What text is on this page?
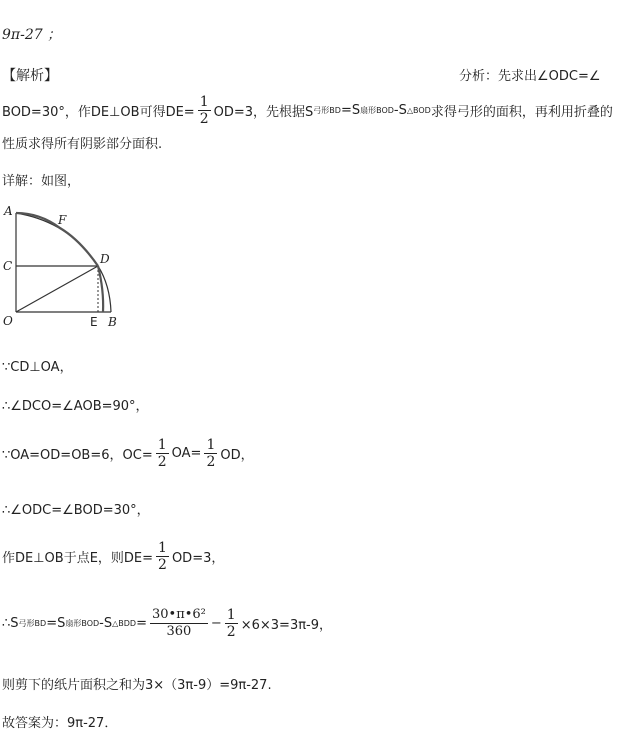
9π-27 ；
【解析】	分析：先求出∠ODC=∠
BOD=30°，作DE⊥OB可得$DE= \frac{1}{2} OD=3$，先根据S 弓形BD =S 扇形BOD -S △BOD 求得弓形的面积，再利用折叠的
性质求得所有阴影部分面积.
详解：如图，
A
F
C	D
O	E B
∵CD⊥OA，
∴∠DCO=∠AOB=90°，
∵OA=OD=OB=6，$OC= \frac{1}{2} OA= \frac{1}{2}$ OD，
∴∠ODC=∠BOD=30°，
作DE⊥OB于点E，则$DE= \frac{1}{2} OD=3$，
∴S 弓形BD =S 扇形BOD -S △BDD = $\frac{\text{30•π•6²}}{360} - \frac{1}{2} \times 6\times 3=3\pi-9$，
则剪下的纸片面积之和为3×（3π-9）=9π-27.
故答案为：9π-27．
